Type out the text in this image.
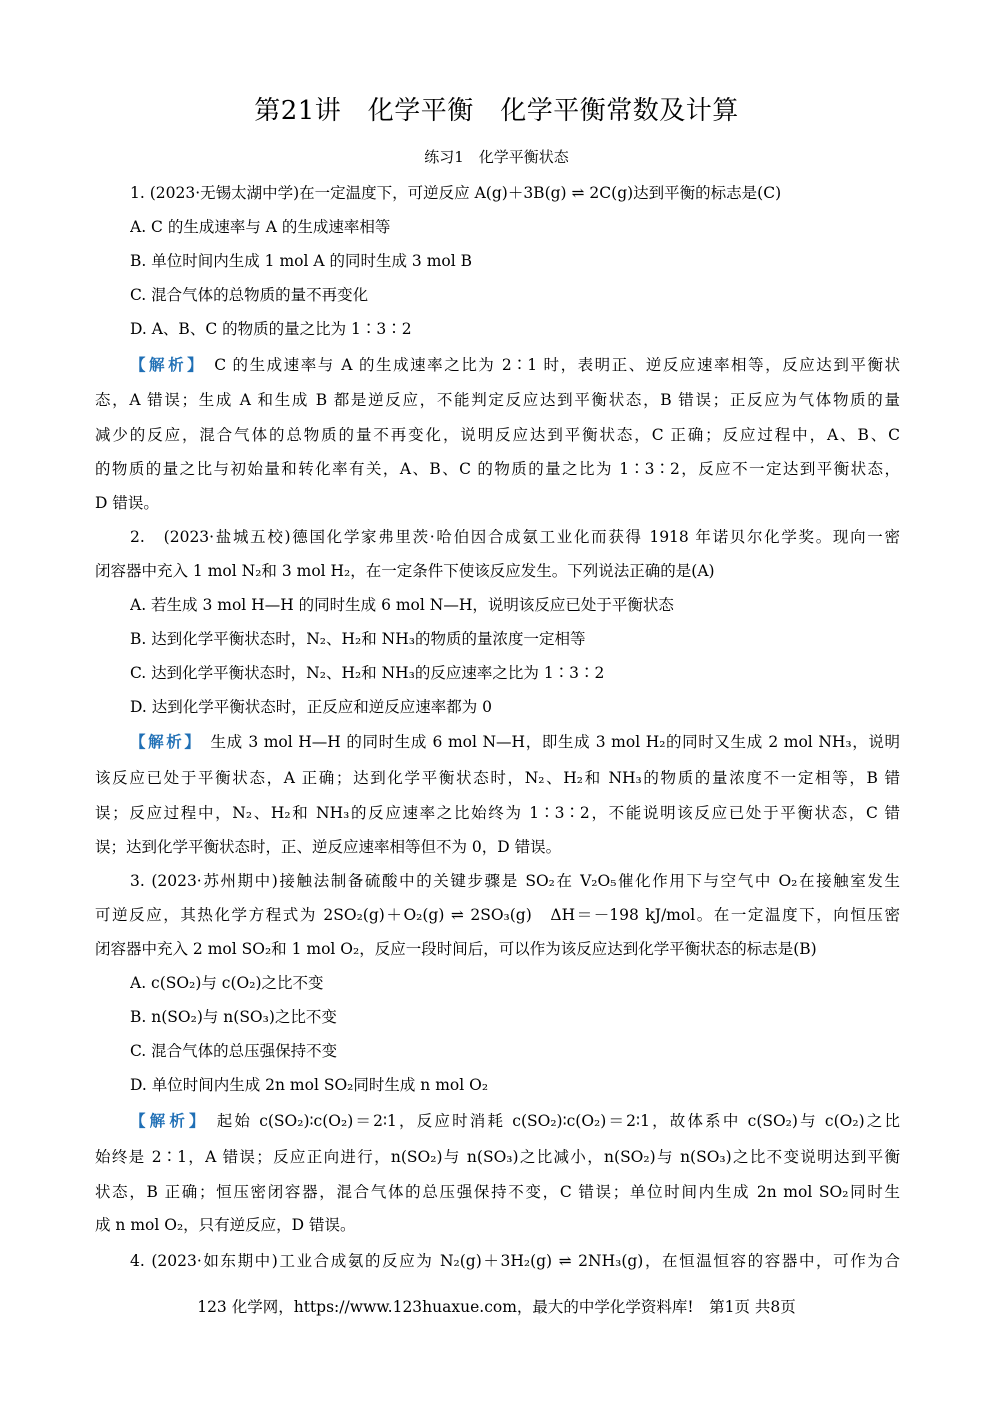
第21讲　化学平衡　化学平衡常数及计算
练习1　化学平衡状态
1. (2023·无锡太湖中学)在一定温度下，可逆反应 A(g)＋3B(g) ⇌ 2C(g)达到平衡的标志是(C)
A. C 的生成速率与 A 的生成速率相等
B. 单位时间内生成 1 mol A 的同时生成 3 mol B
C. 混合气体的总物质的量不再变化
D. A、B、C 的物质的量之比为 1∶3∶2
【解析】 C 的生成速率与 A 的生成速率之比为 2∶1 时，表明正、逆反应速率相等，反应达到平衡状
态，A 错误；生成 A 和生成 B 都是逆反应，不能判定反应达到平衡状态，B 错误；正反应为气体物质的量
减少的反应，混合气体的总物质的量不再变化，说明反应达到平衡状态，C 正确；反应过程中，A、B、C
的物质的量之比与初始量和转化率有关，A、B、C 的物质的量之比为 1∶3∶2，反应不一定达到平衡状态，
D 错误。
2.　(2023·盐城五校)德国化学家弗里茨·哈伯因合成氨工业化而获得 1918 年诺贝尔化学奖。现向一密
闭容器中充入 1 mol N₂和 3 mol H₂，在一定条件下使该反应发生。下列说法正确的是(A)
A. 若生成 3 mol H—H 的同时生成 6 mol N—H，说明该反应已处于平衡状态
B. 达到化学平衡状态时，N₂、H₂和 NH₃的物质的量浓度一定相等
C. 达到化学平衡状态时，N₂、H₂和 NH₃的反应速率之比为 1∶3∶2
D. 达到化学平衡状态时，正反应和逆反应速率都为 0
【解析】 生成 3 mol H—H 的同时生成 6 mol N—H，即生成 3 mol H₂的同时又生成 2 mol NH₃，说明
该反应已处于平衡状态，A 正确；达到化学平衡状态时，N₂、H₂和 NH₃的物质的量浓度不一定相等，B 错
误；反应过程中，N₂、H₂和 NH₃的反应速率之比始终为 1∶3∶2，不能说明该反应已处于平衡状态，C 错
误；达到化学平衡状态时，正、逆反应速率相等但不为 0，D 错误。
3. (2023·苏州期中)接触法制备硫酸中的关键步骤是 SO₂在 V₂O₅催化作用下与空气中 O₂在接触室发生
可逆反应，其热化学方程式为 2SO₂(g)＋O₂(g) ⇌ 2SO₃(g)　ΔH＝－198 kJ/mol。在一定温度下，向恒压密
闭容器中充入 2 mol SO₂和 1 mol O₂，反应一段时间后，可以作为该反应达到化学平衡状态的标志是(B)
A. c(SO₂)与 c(O₂)之比不变
B. n(SO₂)与 n(SO₃)之比不变
C. 混合气体的总压强保持不变
D. 单位时间内生成 2n mol SO₂同时生成 n mol O₂
【解析】 起始 c(SO₂)∶c(O₂)＝2∶1，反应时消耗 c(SO₂)∶c(O₂)＝2∶1，故体系中 c(SO₂)与 c(O₂)之比
始终是 2∶1，A 错误；反应正向进行，n(SO₂)与 n(SO₃)之比减小，n(SO₂)与 n(SO₃)之比不变说明达到平衡
状态，B 正确；恒压密闭容器，混合气体的总压强保持不变，C 错误；单位时间内生成 2n mol SO₂同时生
成 n mol O₂，只有逆反应，D 错误。
4. (2023·如东期中)工业合成氨的反应为 N₂(g)＋3H₂(g) ⇌ 2NH₃(g)，在恒温恒容的容器中，可作为合
123 化学网，https://www.123huaxue.com，最大的中学化学资料库!　第1页 共8页
